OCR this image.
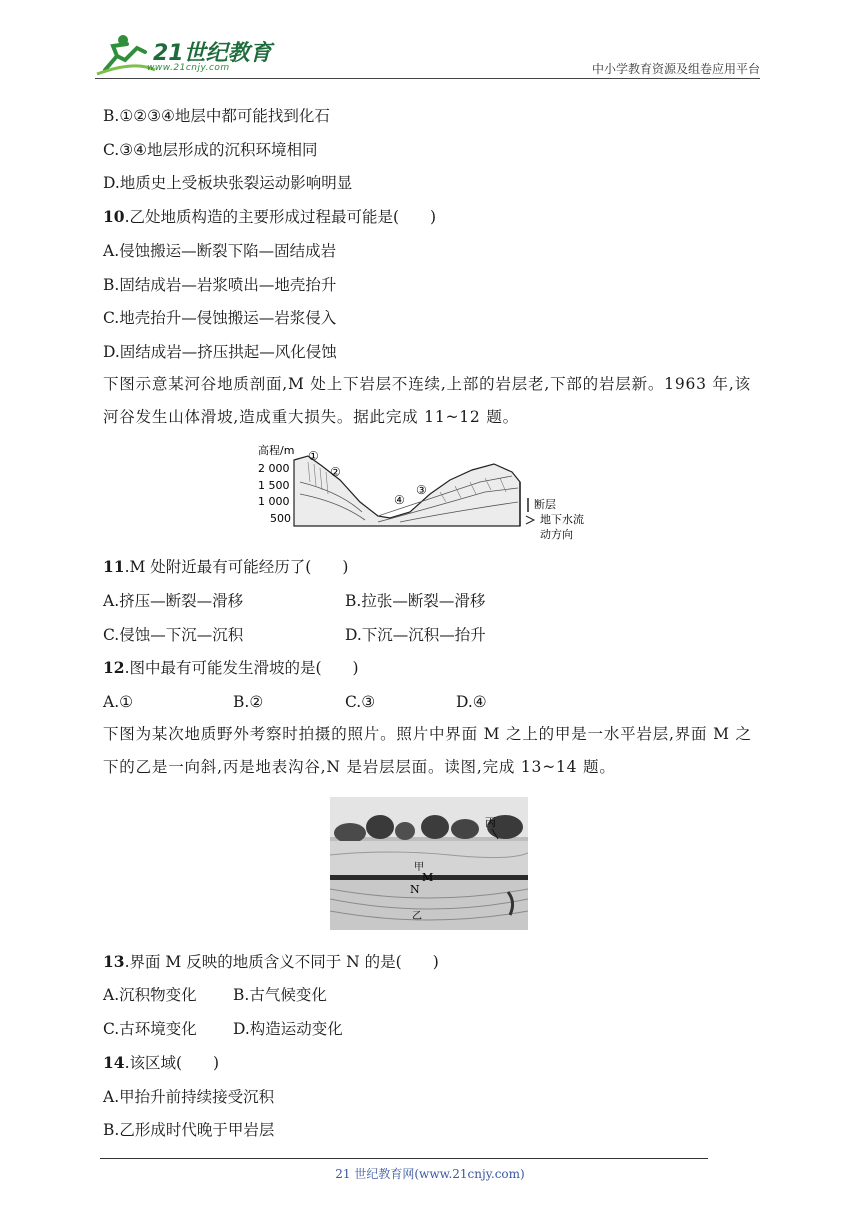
21世纪教育
www.21cnjy.com	中小学教育资源及组卷应用平台
B.①②③④地层中都可能找到化石
C.③④地层形成的沉积环境相同
D.地质史上受板块张裂运动影响明显
10.乙处地质构造的主要形成过程最可能是(　　)
A.侵蚀搬运—断裂下陷—固结成岩
B.固结成岩—岩浆喷出—地壳抬升
C.地壳抬升—侵蚀搬运—岩浆侵入
D.固结成岩—挤压拱起—风化侵蚀
下图示意某河谷地质剖面,M 处上下岩层不连续,上部的岩层老,下部的岩层新。1963 年,该河谷发生山体滑坡,造成重大损失。据此完成 11~12 题。
高程/m
2 000
1 500
1 000
500
①
②
④
③
断层
地下水流
动方向
11.M 处附近最有可能经历了(　　)
A.挤压—断裂—滑移	B.拉张—断裂—滑移
C.侵蚀—下沉—沉积	D.下沉—沉积—抬升
12.图中最有可能发生滑坡的是(　　)
A.①	B.②	C.③	D.④
下图为某次地质野外考察时拍摄的照片。照片中界面 M 之上的甲是一水平岩层,界面 M 之下的乙是一向斜,丙是地表沟谷,N 是岩层层面。读图,完成 13~14 题。
丙
甲
M
N
乙
13.界面 M 反映的地质含义不同于 N 的是(　　)
A.沉积物变化 B.古气候变化
C.古环境变化 D.构造运动变化
14.该区域(　　)
A.甲抬升前持续接受沉积
B.乙形成时代晚于甲岩层
21 世纪教育网(www.21cnjy.com)
